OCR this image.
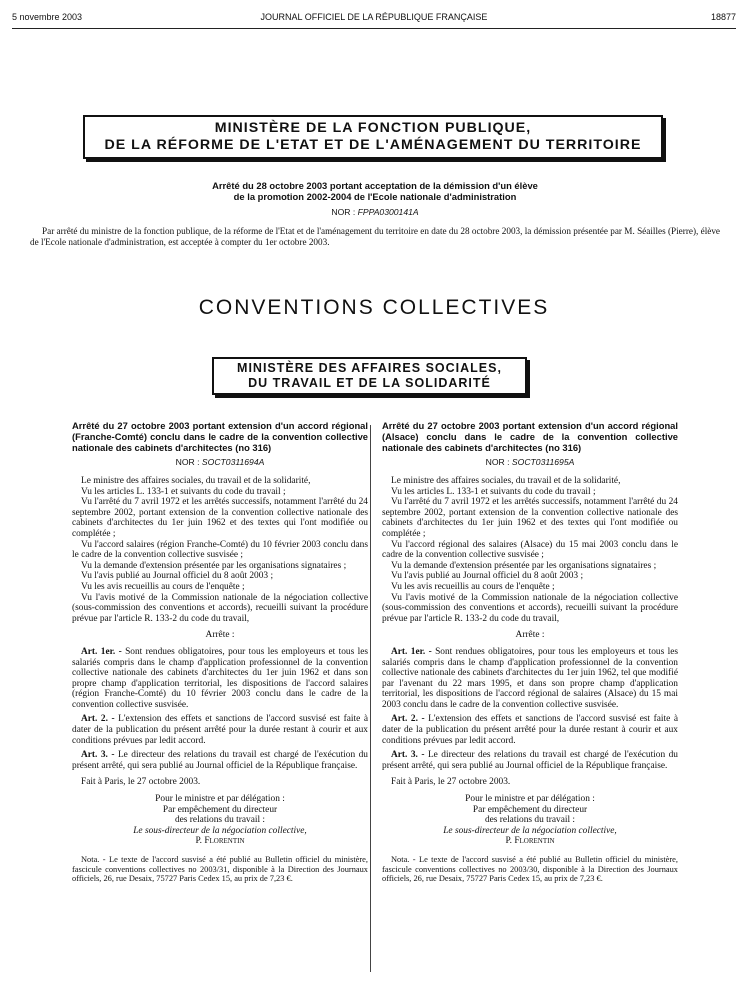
5 novembre 2003	JOURNAL OFFICIEL DE LA RÉPUBLIQUE FRANÇAISE	18877
MINISTÈRE DE LA FONCTION PUBLIQUE,
DE LA RÉFORME DE L'ETAT ET DE L'AMÉNAGEMENT DU TERRITOIRE
Arrêté du 28 octobre 2003 portant acceptation de la démission d'un élève
de la promotion 2002-2004 de l'Ecole nationale d'administration
NOR : FPPA0300141A

Par arrêté du ministre de la fonction publique, de la réforme de l'Etat et de l'aménagement du territoire en date du 28 octobre 2003, la démission présentée par M. Séailles (Pierre), élève de l'Ecole nationale d'administration, est acceptée à compter du 1er octobre 2003.

CONVENTIONS COLLECTIVES
MINISTÈRE DES AFFAIRES SOCIALES,
DU TRAVAIL ET DE LA SOLIDARITÉ
Arrêté du 27 octobre 2003 portant extension d'un accord régional (Franche-Comté) conclu dans le cadre de la convention collective nationale des cabinets d'architectes (no 316)
NOR : SOCT0311694A

Le ministre des affaires sociales, du travail et de la solidarité,

Vu les articles L. 133-1 et suivants du code du travail ;

Vu l'arrêté du 7 avril 1972 et les arrêtés successifs, notamment l'arrêté du 24 septembre 2002, portant extension de la convention collective nationale des cabinets d'architectes du 1er juin 1962 et des textes qui l'ont modifiée ou complétée ;

Vu l'accord salaires (région Franche-Comté) du 10 février 2003 conclu dans le cadre de la convention collective susvisée ;

Vu la demande d'extension présentée par les organisations signataires ;

Vu l'avis publié au Journal officiel du 8 août 2003 ;

Vu les avis recueillis au cours de l'enquête ;

Vu l'avis motivé de la Commission nationale de la négociation collective (sous-commission des conventions et accords), recueilli suivant la procédure prévue par l'article R. 133-2 du code du travail,

Arrête :

Art. 1er. - Sont rendues obligatoires, pour tous les employeurs et tous les salariés compris dans le champ d'application professionnel de la convention collective nationale des cabinets d'architectes du 1er juin 1962 et dans son propre champ d'application territorial, les dispositions de l'accord salaires (région Franche-Comté) du 10 février 2003 conclu dans le cadre de la convention collective susvisée.

Art. 2. - L'extension des effets et sanctions de l'accord susvisé est faite à dater de la publication du présent arrêté pour la durée restant à courir et aux conditions prévues par ledit accord.

Art. 3. - Le directeur des relations du travail est chargé de l'exécution du présent arrêté, qui sera publié au Journal officiel de la République française.

Fait à Paris, le 27 octobre 2003.

Pour le ministre et par délégation :

Par empêchement du directeur

des relations du travail :

Le sous-directeur de la négociation collective,

P. Florentin

Nota. - Le texte de l'accord susvisé a été publié au Bulletin officiel du ministère, fascicule conventions collectives no 2003/31, disponible à la Direction des Journaux officiels, 26, rue Desaix, 75727 Paris Cedex 15, au prix de 7,23 €.

Arrêté du 27 octobre 2003 portant extension d'un accord régional (Alsace) conclu dans le cadre de la convention collective nationale des cabinets d'architectes (no 316)
NOR : SOCT0311695A

Le ministre des affaires sociales, du travail et de la solidarité,

Vu les articles L. 133-1 et suivants du code du travail ;

Vu l'arrêté du 7 avril 1972 et les arrêtés successifs, notamment l'arrêté du 24 septembre 2002, portant extension de la convention collective nationale des cabinets d'architectes du 1er juin 1962 et des textes qui l'ont modifiée ou complétée ;

Vu l'accord régional des salaires (Alsace) du 15 mai 2003 conclu dans le cadre de la convention collective susvisée ;

Vu la demande d'extension présentée par les organisations signataires ;

Vu l'avis publié au Journal officiel du 8 août 2003 ;

Vu les avis recueillis au cours de l'enquête ;

Vu l'avis motivé de la Commission nationale de la négociation collective (sous-commission des conventions et accords), recueilli suivant la procédure prévue par l'article R. 133-2 du code du travail,

Arrête :

Art. 1er. - Sont rendues obligatoires, pour tous les employeurs et tous les salariés compris dans le champ d'application professionnel de la convention collective nationale des cabinets d'architectes du 1er juin 1962, tel que modifié par l'avenant du 22 mars 1995, et dans son propre champ d'application territorial, les dispositions de l'accord régional de salaires (Alsace) du 15 mai 2003 conclu dans le cadre de la convention collective susvisée.

Art. 2. - L'extension des effets et sanctions de l'accord susvisé est faite à dater de la publication du présent arrêté pour la durée restant à courir et aux conditions prévues par ledit accord.

Art. 3. - Le directeur des relations du travail est chargé de l'exécution du présent arrêté, qui sera publié au Journal officiel de la République française.

Fait à Paris, le 27 octobre 2003.

Pour le ministre et par délégation :

Par empêchement du directeur

des relations du travail :

Le sous-directeur de la négociation collective,

P. Florentin

Nota. - Le texte de l'accord susvisé a été publié au Bulletin officiel du ministère, fascicule conventions collectives no 2003/30, disponible à la Direction des Journaux officiels, 26, rue Desaix, 75727 Paris Cedex 15, au prix de 7,23 €.
